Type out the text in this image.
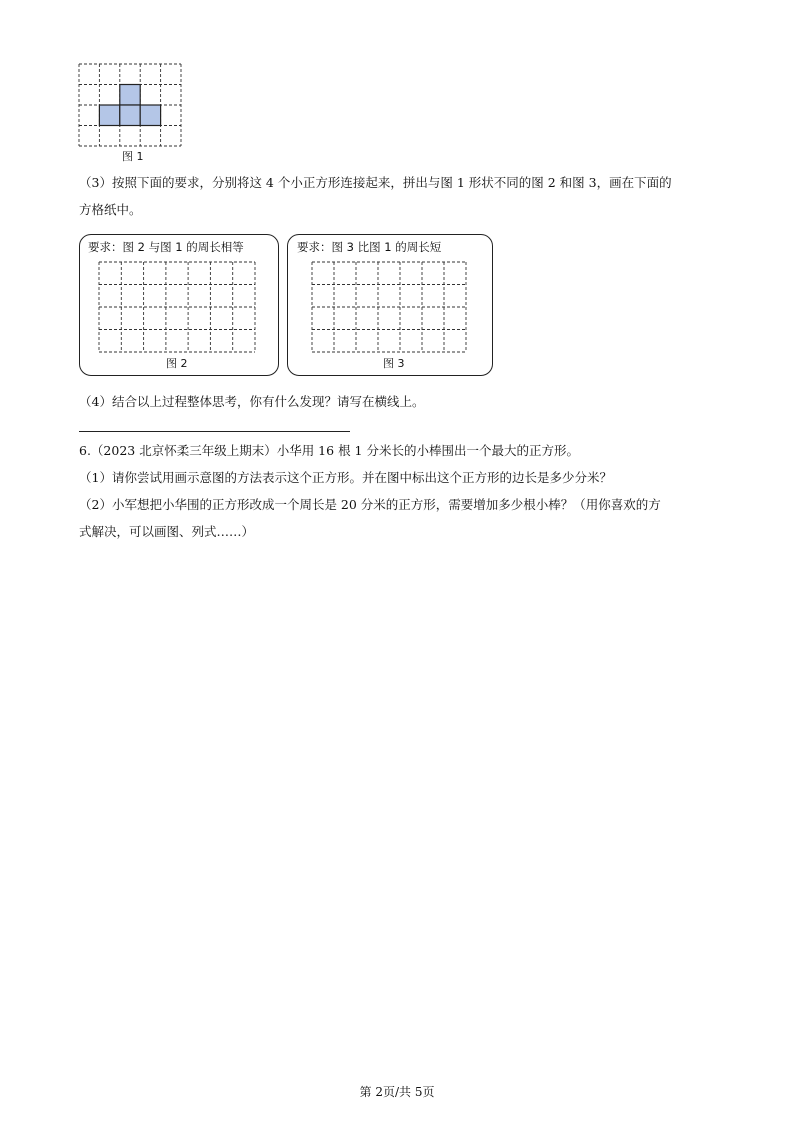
图 1
（3）按照下面的要求，分别将这 4 个小正方形连接起来，拼出与图 1 形状不同的图 2 和图 3，画在下面的
方格纸中。
要求：图 2 与图 1 的周长相等
图 2
要求：图 3 比图 1 的周长短
图 3
（4）结合以上过程整体思考，你有什么发现？请写在横线上。
6.（2023 北京怀柔三年级上期末）小华用 16 根 1 分米长的小棒围出一个最大的正方形。
（1）请你尝试用画示意图的方法表示这个正方形。并在图中标出这个正方形的边长是多少分米？
（2）小军想把小华围的正方形改成一个周长是 20 分米的正方形，需要增加多少根小棒？（用你喜欢的方
式解决，可以画图、列式……）
第 2页/共 5页
